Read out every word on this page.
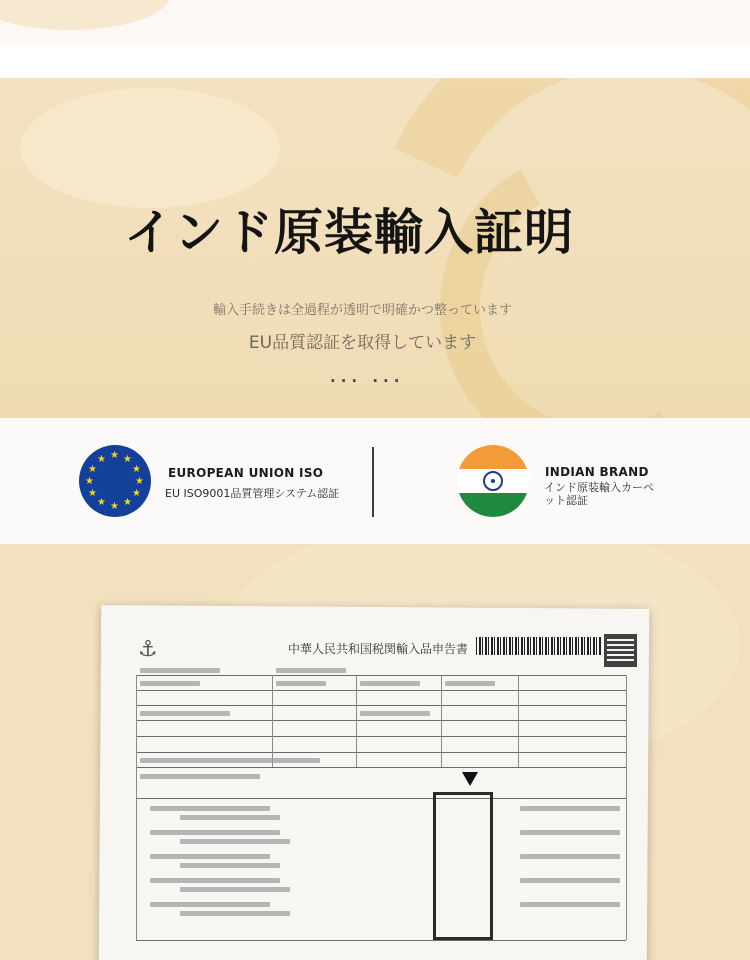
インド原装輸入証明
輸入手続きは全過程が透明で明確かつ整っています
EU品質認証を取得しています
··· ···
★ ★
★
★
★
★
★
★
★
★
★
★
EUROPEAN UNION ISO
EU ISO9001品質管理システム認証
INDIAN BRAND
インド原装輸入カーペット認証
⚓	中華人民共和国税関輸入品申告書
